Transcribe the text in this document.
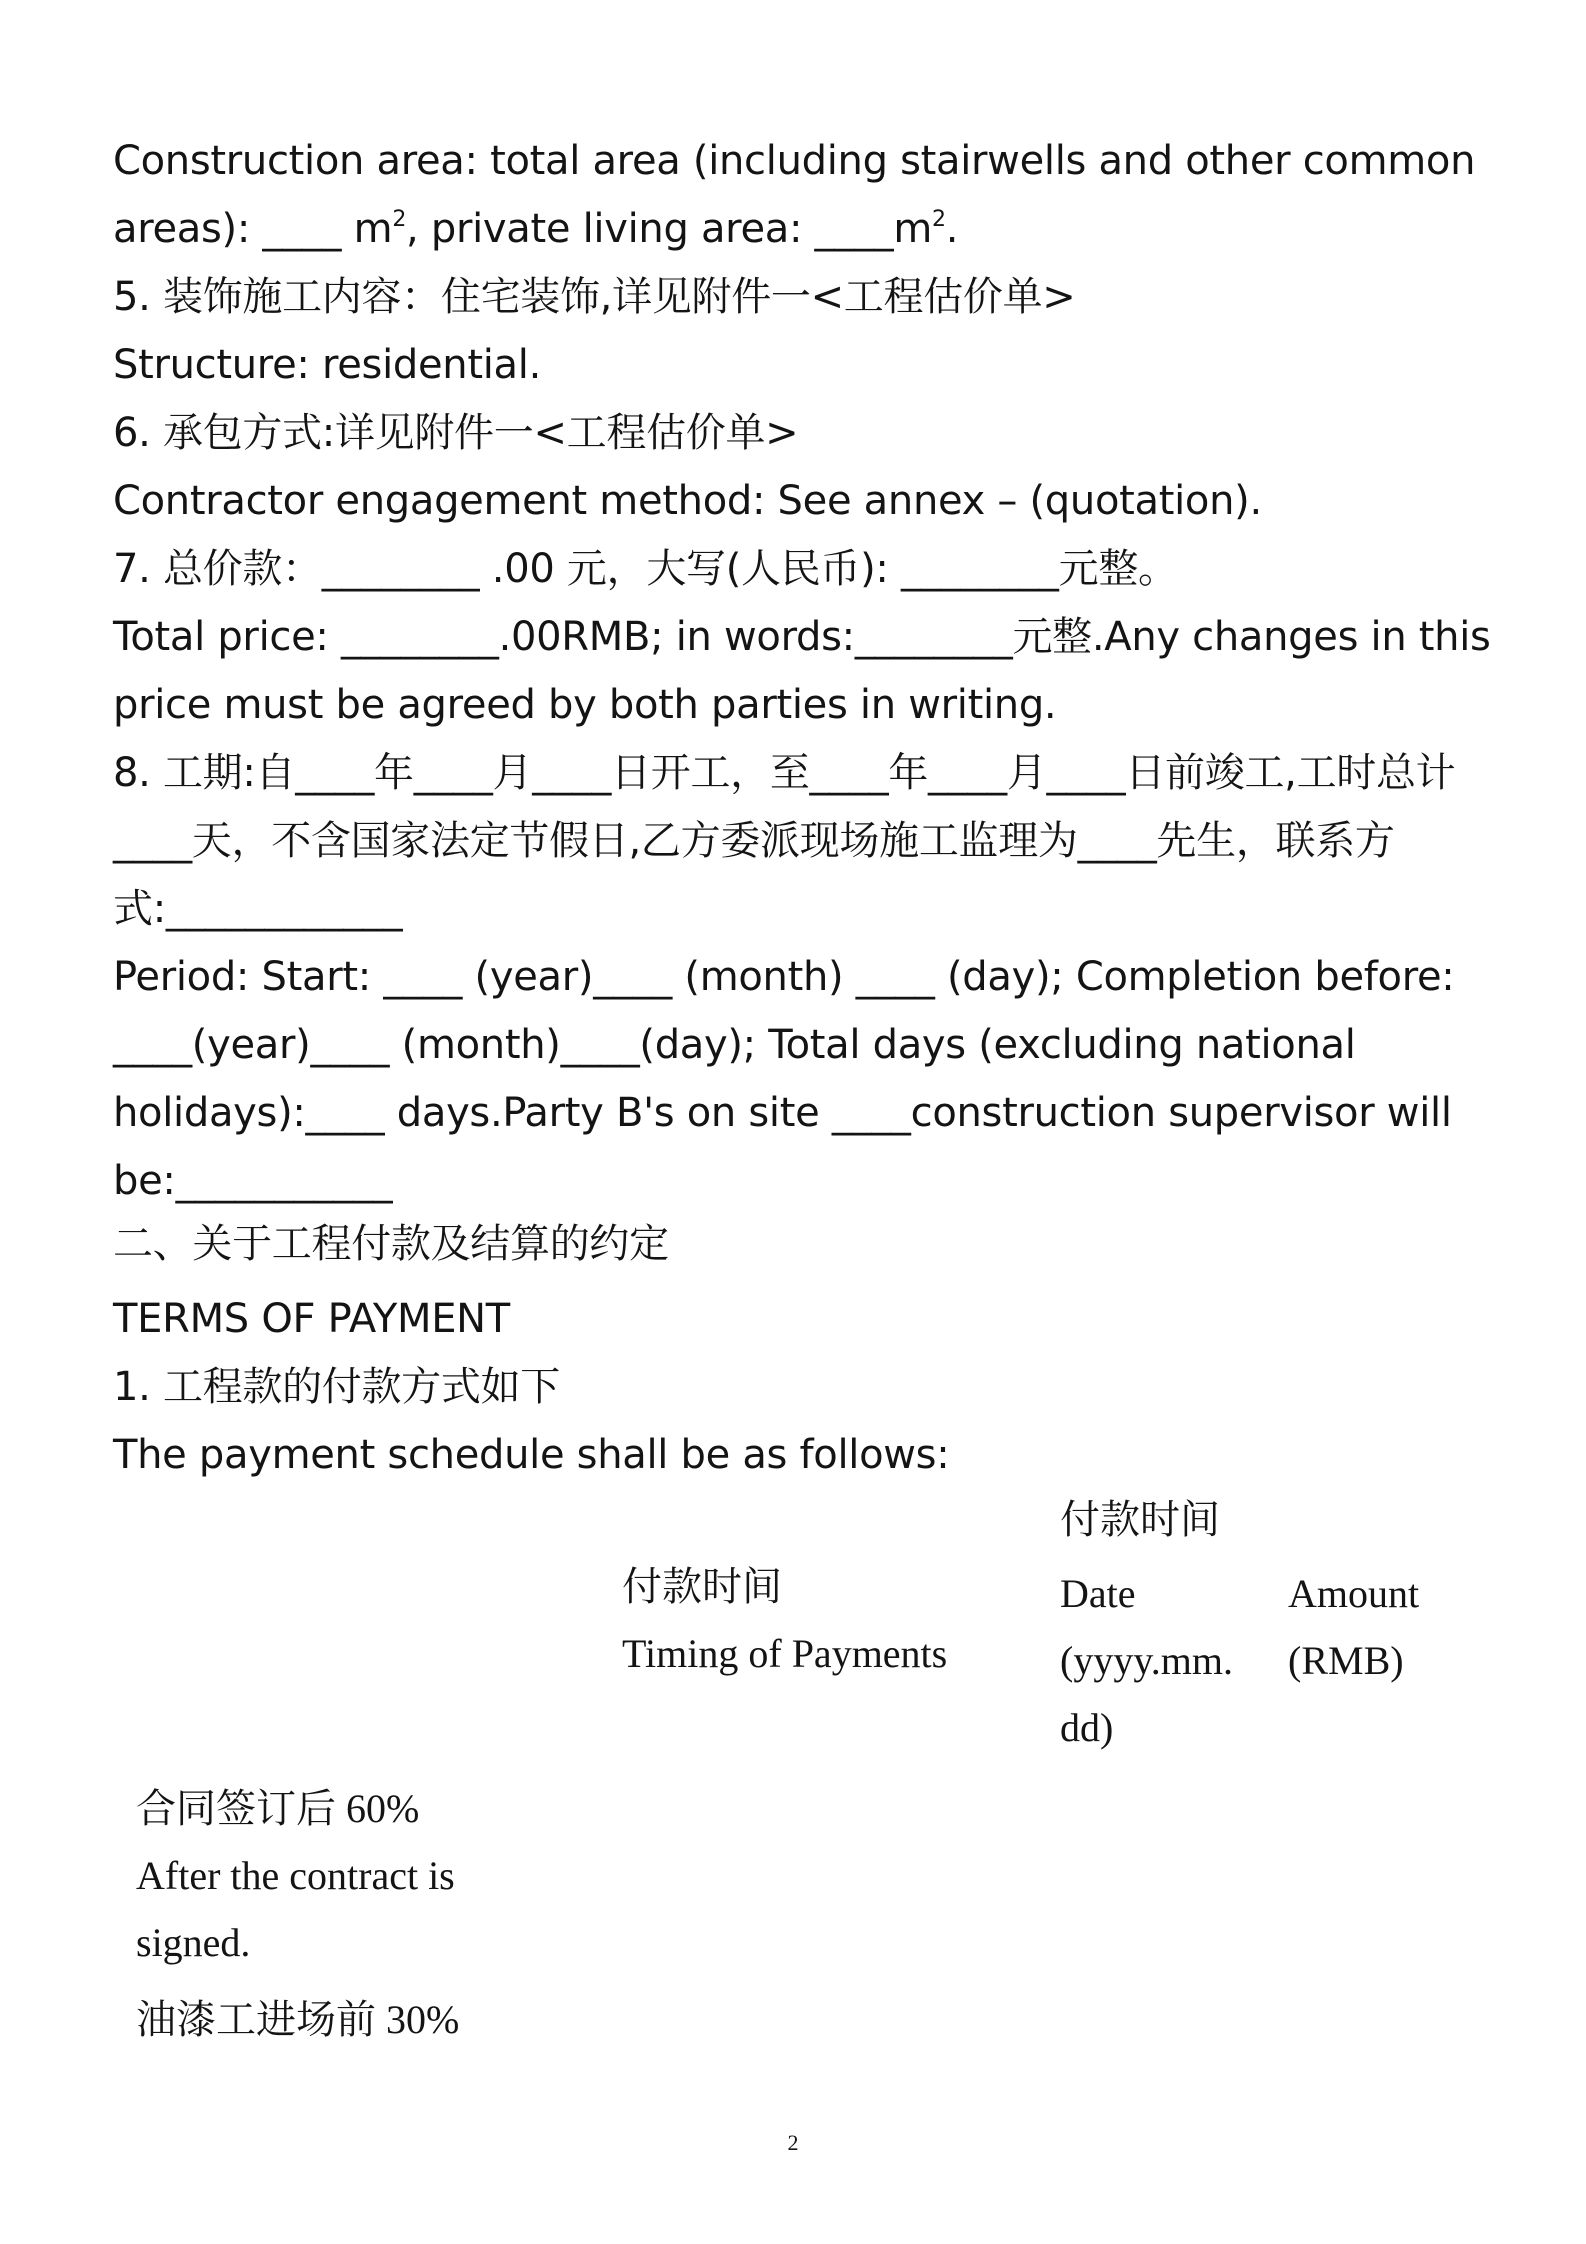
Construction area: total area (including stairwells and other common
areas): ____ $m^2$, private living area: $\_\_\_\_m^2$.
5. 装饰施工内容：住宅装饰,详见附件一<工程估价单>
Structure: residential.
6. 承包方式:详见附件一<工程估价单>
Contractor engagement method: See annex – (quotation).
7. 总价款：________ .00 元，大写(人民币): ________元整。
Total price: ________.00RMB; in words:________元整.Any changes in this
price must be agreed by both parties in writing.
8. 工期:自____年____月____日开工，至____年____月____日前竣工,工时总计
____天，不含国家法定节假日,乙方委派现场施工监理为____先生，联系方
式:____________
Period: Start: ____ (year)____ (month) ____ (day); Completion before:
____(year)____ (month)____(day); Total days (excluding national
holidays):____ days.Party B's on site ____construction supervisor will
be:___________
二、关于工程付款及结算的约定
TERMS OF PAYMENT
1. 工程款的付款方式如下
The payment schedule shall be as follows:
付款时间
Timing of Payments
付款时间
Date
(yyyy.mm.
dd)
Amount
(RMB)
合同签订后 60%
After the contract is
signed.
油漆工进场前 30%
2
